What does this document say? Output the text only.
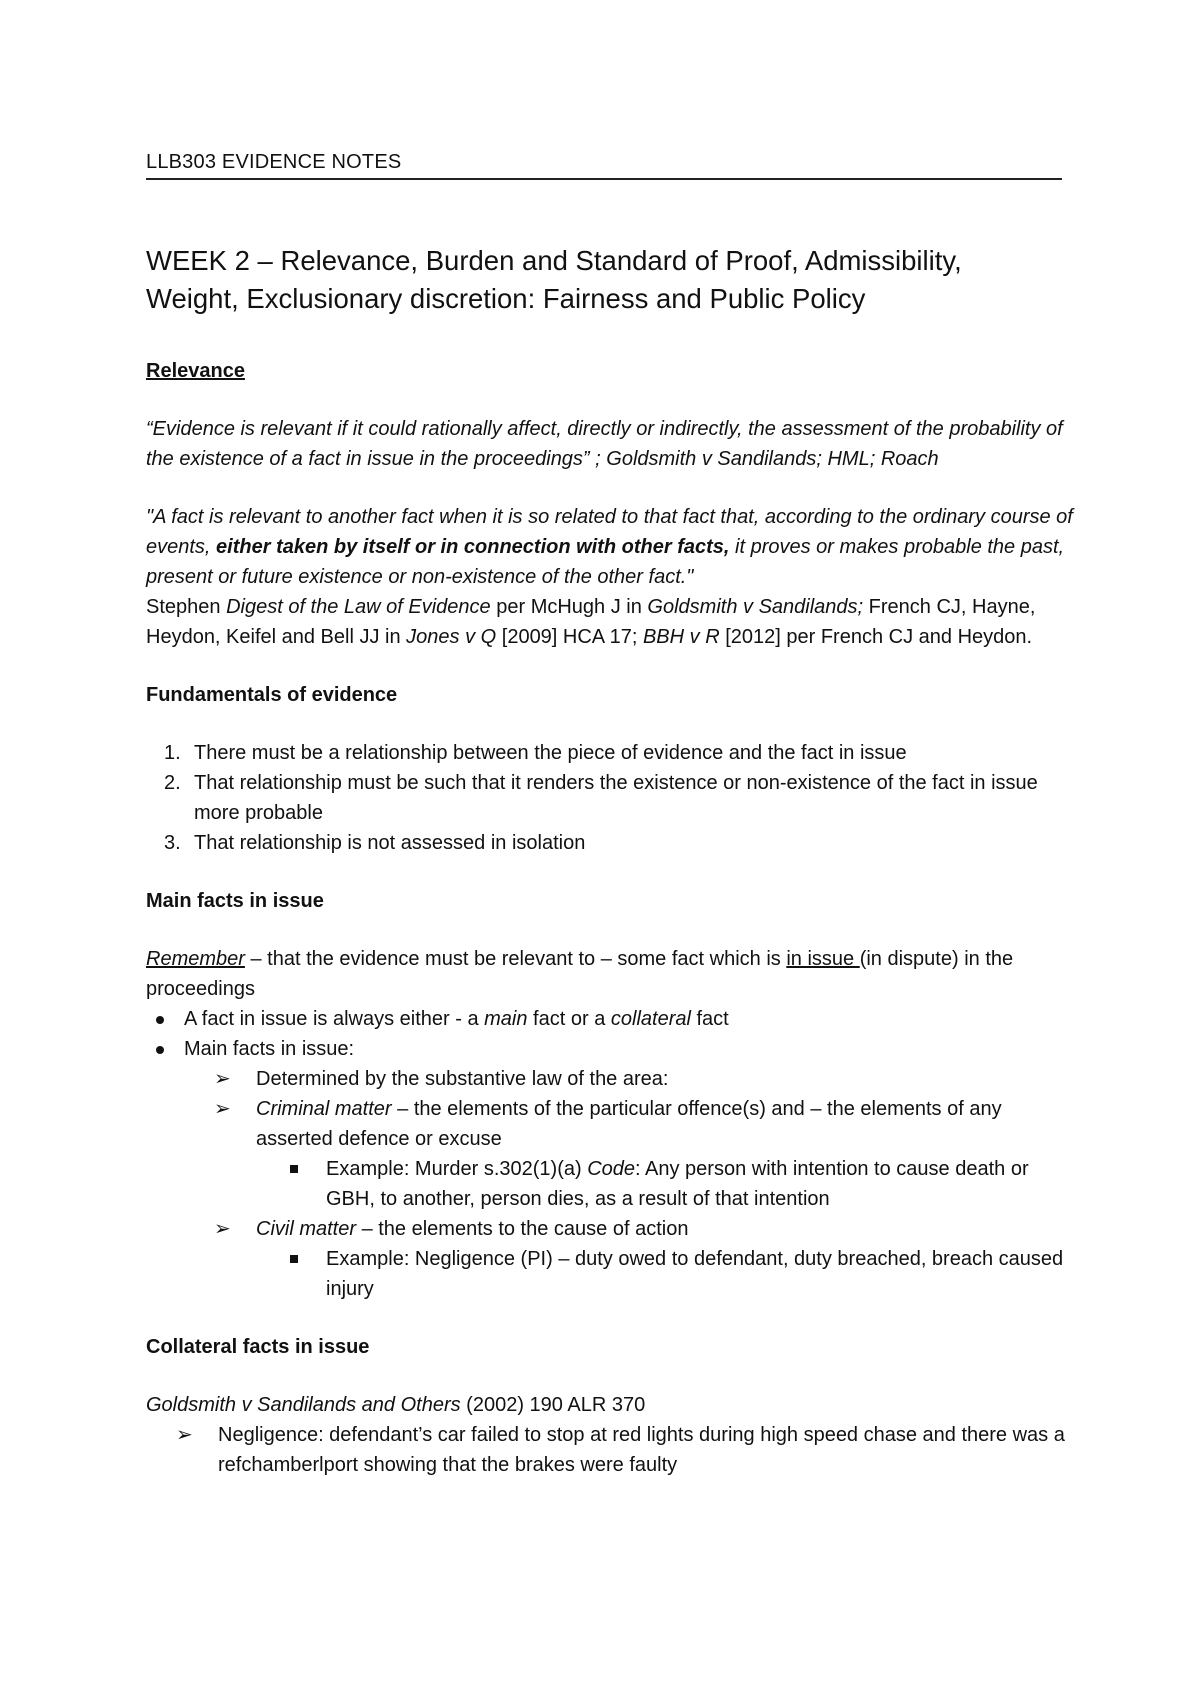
LLB303 EVIDENCE NOTES
WEEK 2 – Relevance, Burden and Standard of Proof, Admissibility,
Weight, Exclusionary discretion: Fairness and Public Policy

Relevance

“Evidence is relevant if it could rationally affect, directly or indirectly, the assessment of the probability of the existence of a fact in issue in the proceedings” ; Goldsmith v Sandilands; HML; Roach

"A fact is relevant to another fact when it is so related to that fact that, according to the ordinary course of events, either taken by itself or in connection with other facts, it proves or makes probable the past, present or future existence or non-existence of the other fact."
Stephen Digest of the Law of Evidence per McHugh J in Goldsmith v Sandilands; French CJ, Hayne, Heydon, Keifel and Bell JJ in Jones v Q [2009] HCA 17; BBH v R [2012] per French CJ and Heydon.

Fundamentals of evidence

1. There must be a relationship between the piece of evidence and the fact in issue
2. That relationship must be such that it renders the existence or non-existence of the fact in issue more probable
3. That relationship is not assessed in isolation

Main facts in issue

Remember – that the evidence must be relevant to – some fact which is in issue (in dispute) in the proceedings

A fact in issue is always either - a main fact or a collateral fact
Main facts in issue:
➢ Determined by the substantive law of the area:
➢ Criminal matter – the elements of the particular offence(s) and – the elements of any asserted defence or excuse
Example: Murder s.302(1)(a) Code: Any person with intention to cause death or GBH, to another, person dies, as a result of that intention
➢ Civil matter – the elements to the cause of action
Example: Negligence (PI) – duty owed to defendant, duty breached, breach caused injury

Collateral facts in issue

Goldsmith v Sandilands and Others (2002) 190 ALR 370

➢ Negligence: defendant’s car failed to stop at red lights during high speed chase and there was a refchamberlport showing that the brakes were faulty
